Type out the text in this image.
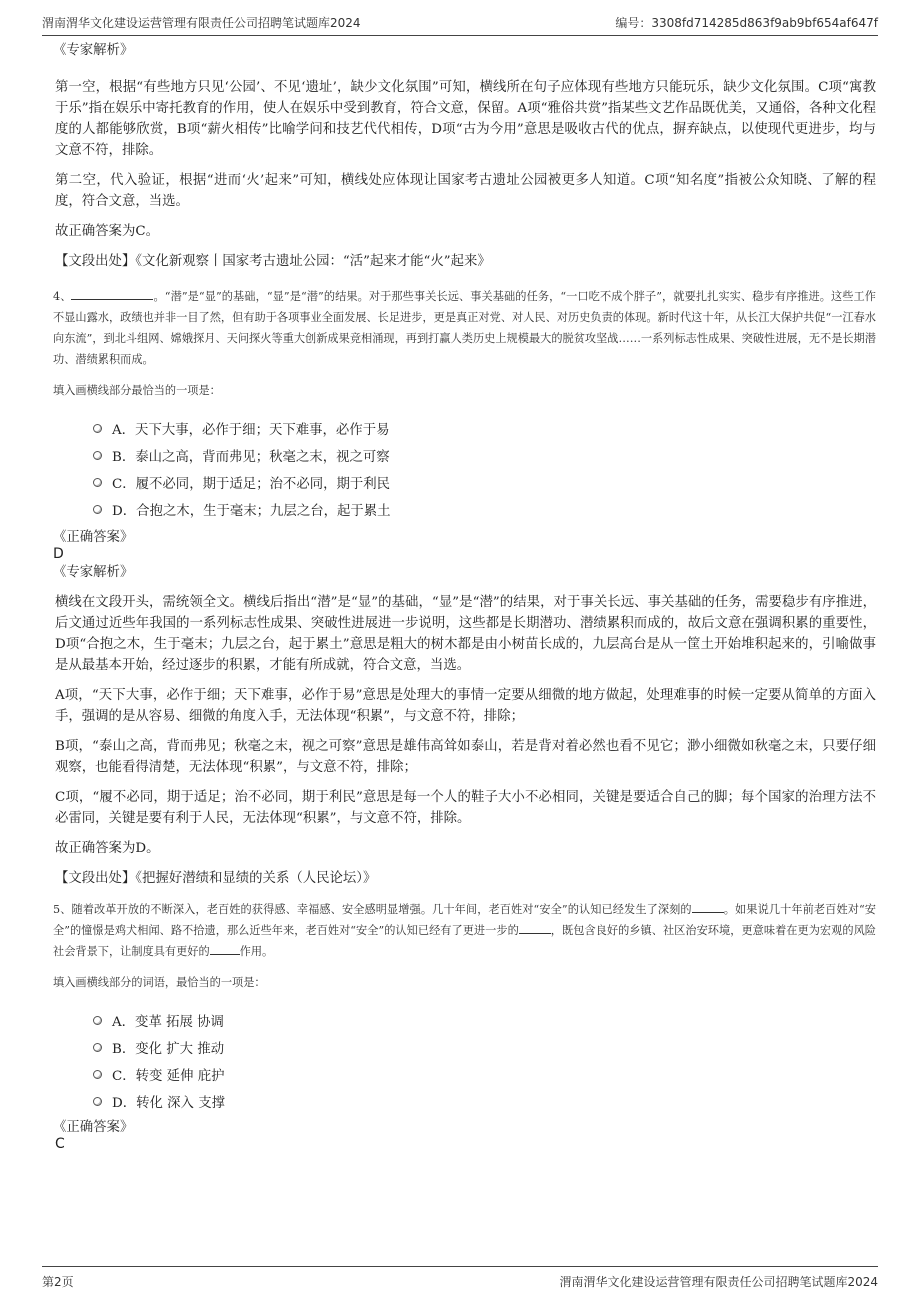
渭南渭华文化建设运营管理有限责任公司招聘笔试题库2024	编号：3308fd714285d863f9ab9bf654af647f

《专家解析》

第一空，根据“有些地方只见‘公园’、不见‘遗址’，缺少文化氛围”可知，横线所在句子应体现有些地方只能玩乐，缺少文化氛围。C项“寓教于乐”指在娱乐中寄托教育的作用，使人在娱乐中受到教育，符合文意，保留。A项“雅俗共赏”指某些文艺作品既优美，又通俗，各种文化程度的人都能够欣赏，B项“薪火相传”比喻学问和技艺代代相传，D项“古为今用”意思是吸收古代的优点，摒弃缺点，以使现代更进步，均与文意不符，排除。

第二空，代入验证，根据“进而‘火’起来”可知，横线处应体现让国家考古遗址公园被更多人知道。C项“知名度”指被公众知晓、了解的程度，符合文意，当选。

故正确答案为C。

【文段出处】《文化新观察丨国家考古遗址公园：“活”起来才能“火”起来》

4、	。“潜”是“显”的基础，“显”是“潜”的结果。对于那些事关长远、事关基础的任务，“一口吃不成个胖子”，就要扎扎实实、稳步有序推进。这些工作不显山露水，政绩也并非一目了然，但有助于各项事业全面发展、长足进步，更是真正对党、对人民、对历史负责的体现。新时代这十年，从长江大保护共促“一江春水向东流”，到北斗组网、嫦娥探月、天问探火等重大创新成果竞相涌现，再到打赢人类历史上规模最大的脱贫攻坚战……一系列标志性成果、突破性进展，无不是长期潜功、潜绩累积而成。

填入画横线部分最恰当的一项是：

A．天下大事，必作于细；天下难事，必作于易
B．泰山之高，背而弗见；秋毫之末，视之可察
C．履不必同，期于适足；治不必同，期于利民
D．合抱之木，生于毫末；九层之台，起于累土

《正确答案》

D

《专家解析》

横线在文段开头，需统领全文。横线后指出“潜”是“显”的基础，“显”是“潜”的结果，对于事关长远、事关基础的任务，需要稳步有序推进，后文通过近些年我国的一系列标志性成果、突破性进展进一步说明，这些都是长期潜功、潜绩累积而成的，故后文意在强调积累的重要性，D项“合抱之木，生于毫末；九层之台，起于累土”意思是粗大的树木都是由小树苗长成的，九层高台是从一筐土开始堆积起来的，引喻做事是从最基本开始，经过逐步的积累，才能有所成就，符合文意，当选。

A项，“天下大事，必作于细；天下难事，必作于易”意思是处理大的事情一定要从细微的地方做起，处理难事的时候一定要从简单的方面入手，强调的是从容易、细微的角度入手，无法体现“积累”，与文意不符，排除；

B项，“泰山之高，背而弗见；秋毫之末，视之可察”意思是雄伟高耸如泰山，若是背对着必然也看不见它；渺小细微如秋毫之末，只要仔细观察，也能看得清楚，无法体现“积累”，与文意不符，排除；

C项，“履不必同，期于适足；治不必同，期于利民”意思是每一个人的鞋子大小不必相同，关键是要适合自己的脚；每个国家的治理方法不必雷同，关键是要有利于人民，无法体现“积累”，与文意不符，排除。

故正确答案为D。

【文段出处】《把握好潜绩和显绩的关系（人民论坛）》

5、随着改革开放的不断深入，老百姓的获得感、幸福感、安全感明显增强。几十年间，老百姓对“安全”的认知已经发生了深刻的	。如果说几十年前老百姓对“安全”的憧憬是鸡犬相闻、路不拾遗，那么近些年来，老百姓对“安全”的认知已经有了更进一步的	，既包含良好的乡镇、社区治安环境，更意味着在更为宏观的风险社会背景下，让制度具有更好的	作用。

填入画横线部分的词语，最恰当的一项是：

A．变革 拓展 协调
B．变化 扩大 推动
C．转变 延伸 庇护
D．转化 深入 支撑

《正确答案》

C

第2页	渭南渭华文化建设运营管理有限责任公司招聘笔试题库2024
